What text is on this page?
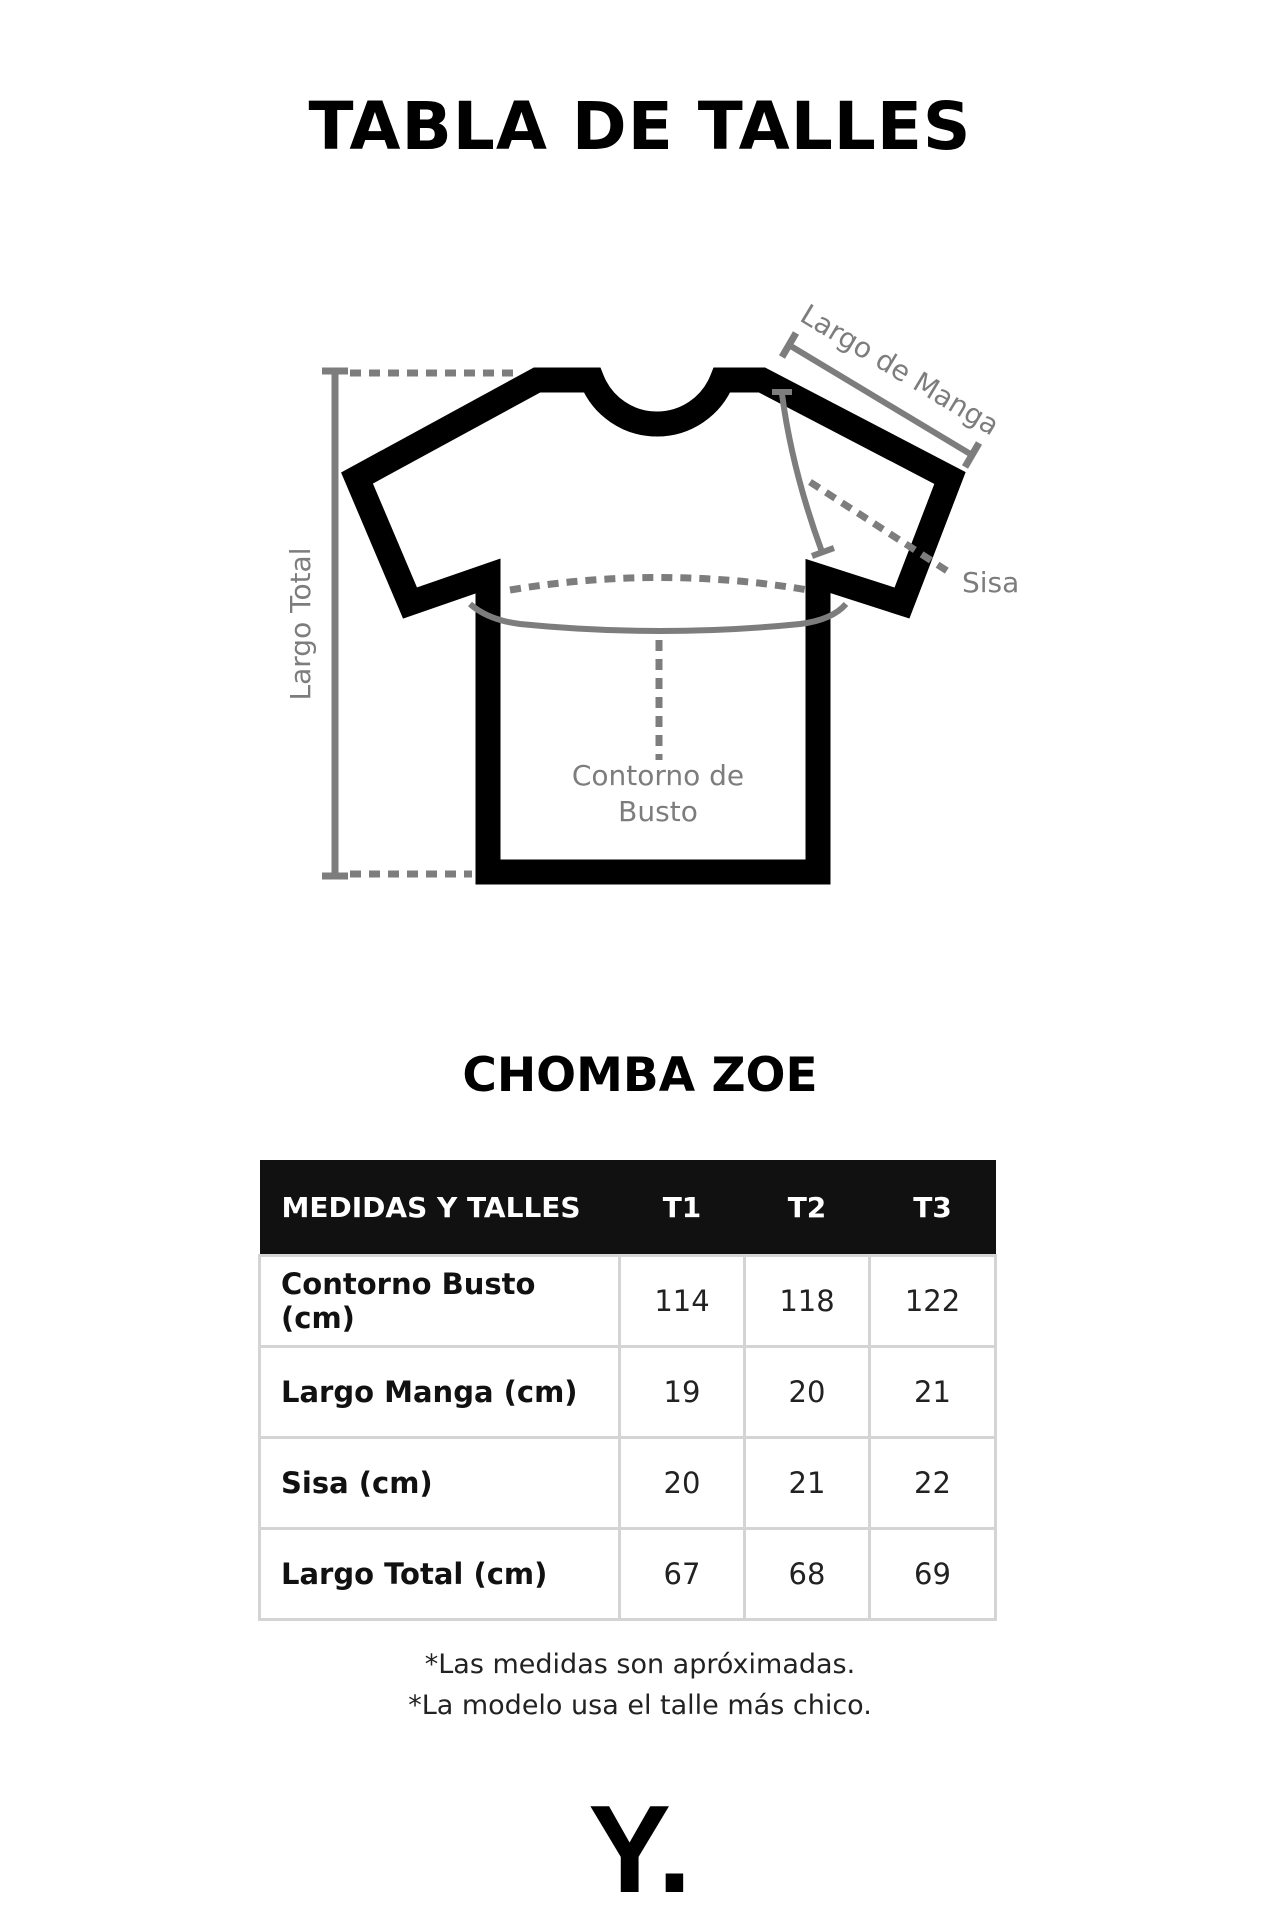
TABLA DE TALLES
Largo Total
Largo de Manga
Sisa
Contorno de
Busto
CHOMBA ZOE
MEDIDAS Y TALLES	T1	T2	T3
Contorno Busto (cm)	114	118	122
Largo Manga (cm)	19	20	21
Sisa (cm)	20	21	22
Largo Total (cm)	67	68	69
*Las medidas son apróximadas.
*La modelo usa el talle más chico.
Y.
